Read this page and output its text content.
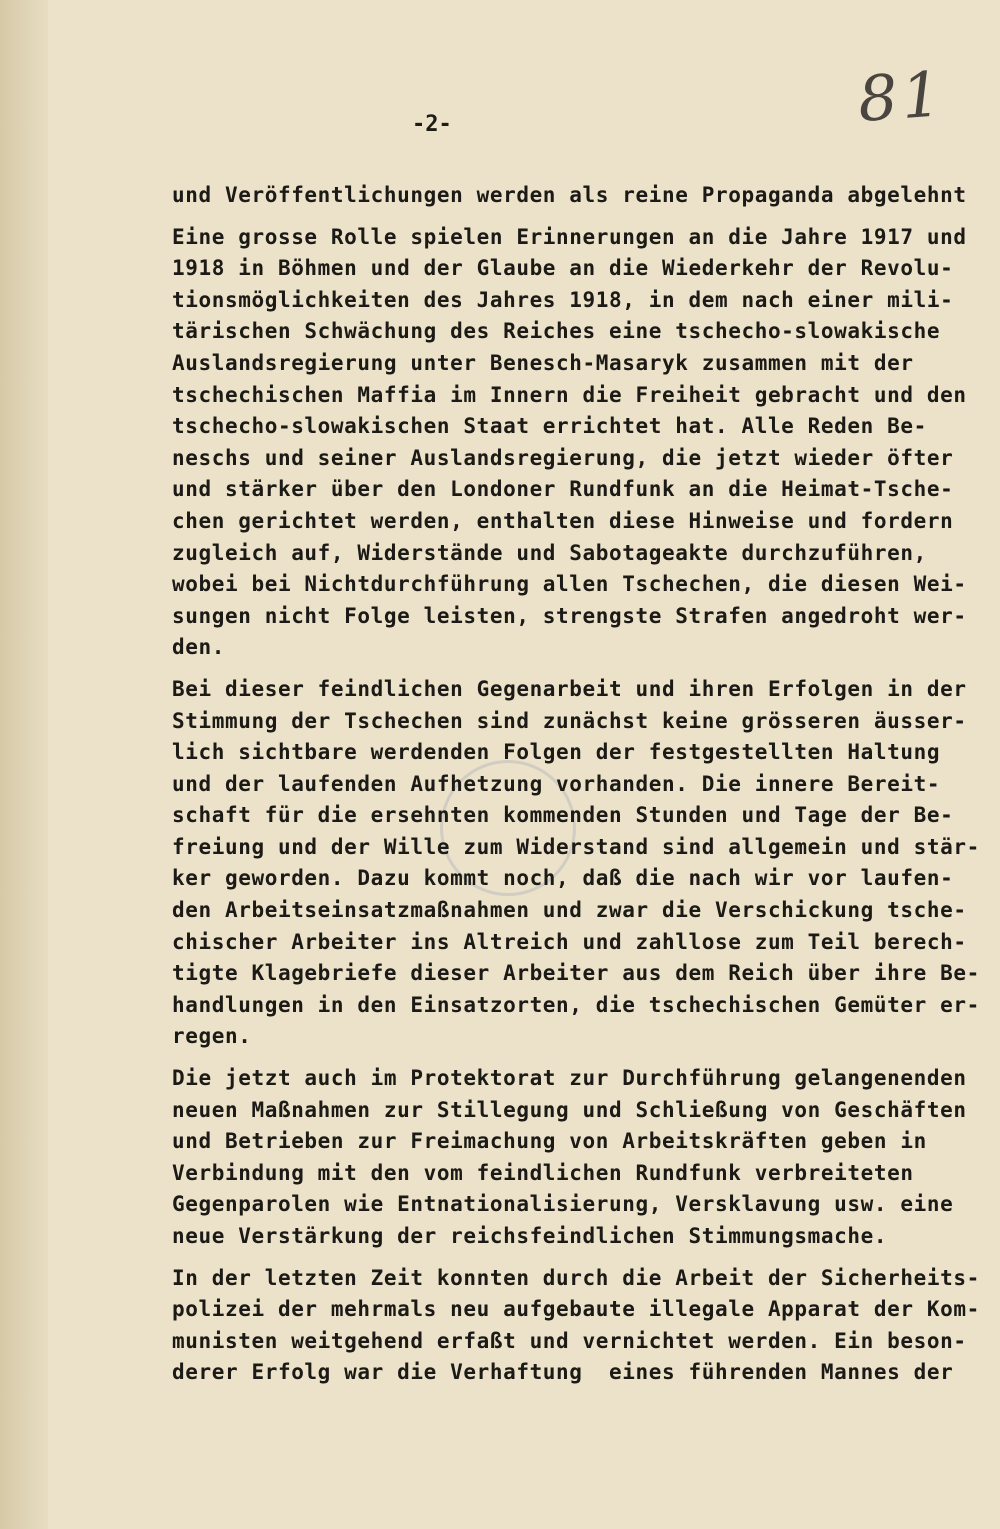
-2-	81
und Veröffentlichungen werden als reine Propaganda abgelehnt
Eine grosse Rolle spielen Erinnerungen an die Jahre 1917 und
1918 in Böhmen und der Glaube an die Wiederkehr der Revolu-
tionsmöglichkeiten des Jahres 1918, in dem nach einer mili-
tärischen Schwächung des Reiches eine tschecho-slowakische
Auslandsregierung unter Benesch-Masaryk zusammen mit der
tschechischen Maffia im Innern die Freiheit gebracht und den
tschecho-slowakischen Staat errichtet hat. Alle Reden Be-
neschs und seiner Auslandsregierung, die jetzt wieder öfter
und stärker über den Londoner Rundfunk an die Heimat-Tsche-
chen gerichtet werden, enthalten diese Hinweise und fordern
zugleich auf, Widerstände und Sabotageakte durchzuführen,
wobei bei Nichtdurchführung allen Tschechen, die diesen Wei-
sungen nicht Folge leisten, strengste Strafen angedroht wer-
den.
Bei dieser feindlichen Gegenarbeit und ihren Erfolgen in der
Stimmung der Tschechen sind zunächst keine grösseren äusser-
lich sichtbare werdenden Folgen der festgestellten Haltung
und der laufenden Aufhetzung vorhanden. Die innere Bereit-
schaft für die ersehnten kommenden Stunden und Tage der Be-
freiung und der Wille zum Widerstand sind allgemein und stär-
ker geworden. Dazu kommt noch, daß die nach wir vor laufen-
den Arbeitseinsatzmaßnahmen und zwar die Verschickung tsche-
chischer Arbeiter ins Altreich und zahllose zum Teil berech-
tigte Klagebriefe dieser Arbeiter aus dem Reich über ihre Be-
handlungen in den Einsatzorten, die tschechischen Gemüter er-
regen.
Die jetzt auch im Protektorat zur Durchführung gelangenenden
neuen Maßnahmen zur Stillegung und Schließung von Geschäften
und Betrieben zur Freimachung von Arbeitskräften geben in
Verbindung mit den vom feindlichen Rundfunk verbreiteten
Gegenparolen wie Entnationalisierung, Versklavung usw. eine
neue Verstärkung der reichsfeindlichen Stimmungsmache.
In der letzten Zeit konnten durch die Arbeit der Sicherheits-
polizei der mehrmals neu aufgebaute illegale Apparat der Kom-
munisten weitgehend erfaßt und vernichtet werden. Ein beson-
derer Erfolg war die Verhaftung  eines führenden Mannes der
